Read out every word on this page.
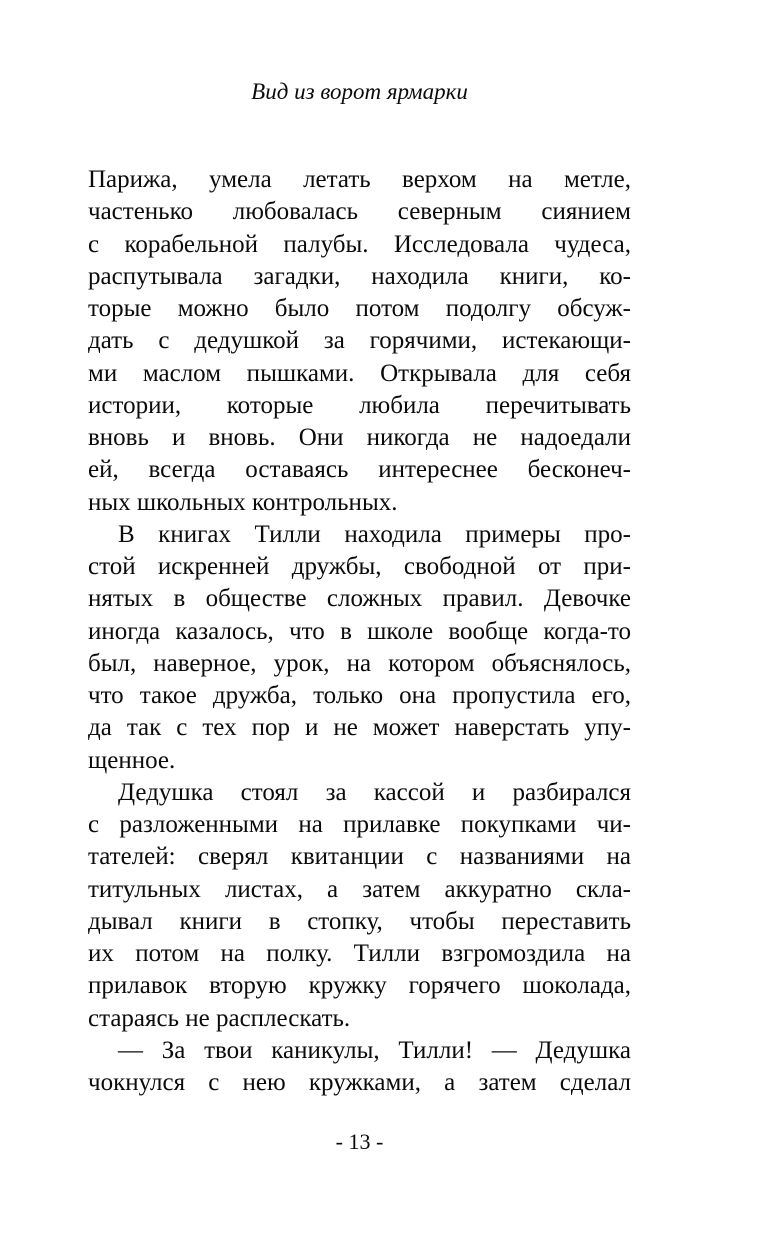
Вид из ворот ярмарки
Парижа, умела летать верхом на метле,
частенько любовалась северным сиянием
с корабельной палубы. Исследовала чудеса,
распутывала загадки, находила книги, ко-
торые можно было потом подолгу обсуж-
дать с дедушкой за горячими, истекающи-
ми маслом пышками. Открывала для себя
истории, которые любила перечитывать
вновь и вновь. Они никогда не надоедали
ей, всегда оставаясь интереснее бесконеч-
ных школьных контрольных.
В книгах Тилли находила примеры про-
стой искренней дружбы, свободной от при-
нятых в обществе сложных правил. Девочке
иногда казалось, что в школе вообще когда-то
был, наверное, урок, на котором объяснялось,
что такое дружба, только она пропустила его,
да так с тех пор и не может наверстать упу-
щенное.
Дедушка стоял за кассой и разбирался
с разложенными на прилавке покупками чи-
тателей: сверял квитанции с названиями на
титульных листах, а затем аккуратно скла-
дывал книги в стопку, чтобы переставить
их потом на полку. Тилли взгромоздила на
прилавок вторую кружку горячего шоколада,
стараясь не расплескать.
— За твои каникулы, Тилли! — Дедушка
чокнулся с нею кружками, а затем сделал
- 13 -
